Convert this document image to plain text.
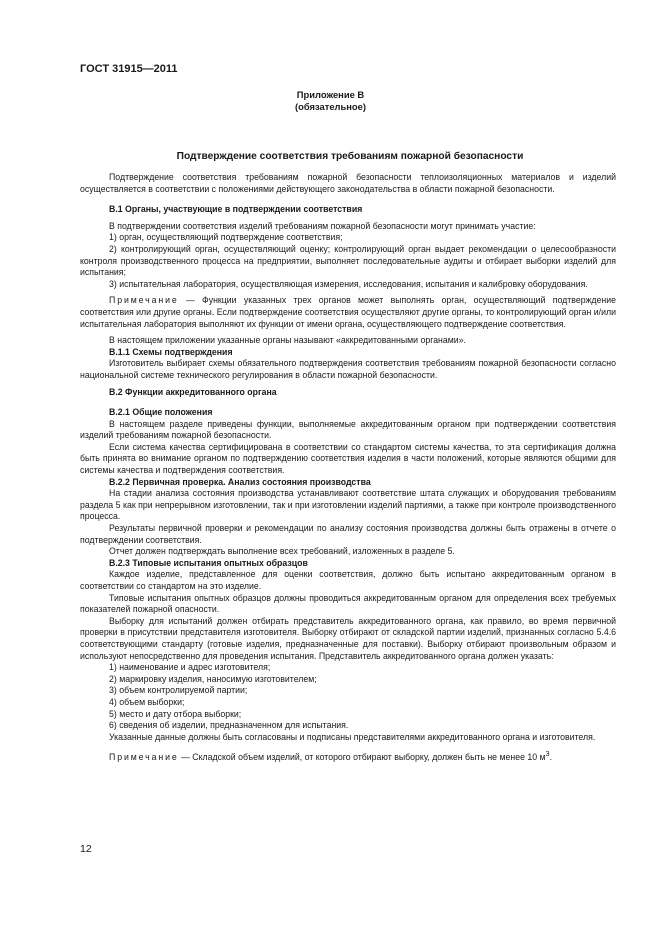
ГОСТ 31915—2011
Приложение В
(обязательное)
Подтверждение соответствия требованиям пожарной безопасности

Подтверждение соответствия требованиям пожарной безопасности теплоизоляционных материалов и изделий осуществляется в соответствии с положениями действующего законодательства в области пожарной безопасности.

В.1 Органы, участвующие в подтверждении соответствия

В подтверждении соответствия изделий требованиям пожарной безопасности могут принимать участие:

1) орган, осуществляющий подтверждение соответствия;

2) контролирующий орган, осуществляющий оценку; контролирующий орган выдает рекомендации о целесообразности контроля производственного процесса на предприятии, выполняет последовательные аудиты и отбирает выборки изделий для испытания;

3) испытательная лаборатория, осуществляющая измерения, исследования, испытания и калибровку оборудования.

Примечание — Функции указанных трех органов может выполнять орган, осуществляющий подтверждение соответствия или другие органы. Если подтверждение соответствия осуществляют другие органы, то контролирующий орган и/или испытательная лаборатория выполняют их функции от имени органа, осуществляющего подтверждение соответствия.

В настоящем приложении указанные органы называют «аккредитованными органами».

В.1.1 Схемы подтверждения

Изготовитель выбирает схемы обязательного подтверждения соответствия требованиям пожарной безопасности согласно национальной системе технического регулирования в области пожарной безопасности.

В.2 Функции аккредитованного органа

В.2.1 Общие положения

В настоящем разделе приведены функции, выполняемые аккредитованным органом при подтверждении соответствия изделий требованиям пожарной безопасности.

Если система качества сертифицирована в соответствии со стандартом системы качества, то эта сертификация должна быть принята во внимание органом по подтверждению соответствия изделия в части положений, которые являются общими для системы качества и подтверждения соответствия.

В.2.2 Первичная проверка. Анализ состояния производства

На стадии анализа состояния производства устанавливают соответствие штата служащих и оборудования требованиям раздела 5 как при непрерывном изготовлении, так и при изготовлении изделий партиями, а также при контроле производственного процесса.

Результаты первичной проверки и рекомендации по анализу состояния производства должны быть отражены в отчете о подтверждении соответствия.

Отчет должен подтверждать выполнение всех требований, изложенных в разделе 5.

В.2.3 Типовые испытания опытных образцов

Каждое изделие, представленное для оценки соответствия, должно быть испытано аккредитованным органом в соответствии со стандартом на это изделие.

Типовые испытания опытных образцов должны проводиться аккредитованным органом для определения всех требуемых показателей пожарной опасности.

Выборку для испытаний должен отбирать представитель аккредитованного органа, как правило, во время первичной проверки в присутствии представителя изготовителя. Выборку отбирают от складской партии изделий, признанных согласно 5.4.6 соответствующими стандарту (готовые изделия, предназначенные для поставки). Выборку отбирают произвольным образом и используют непосредственно для проведения испытания. Представитель аккредитованного органа должен указать:

1) наименование и адрес изготовителя;

2) маркировку изделия, наносимую изготовителем;

3) объем контролируемой партии;

4) объем выборки;

5) место и дату отбора выборки;

6) сведения об изделии, предназначенном для испытания.

Указанные данные должны быть согласованы и подписаны представителями аккредитованного органа и изготовителя.

Примечание — Складской объем изделий, от которого отбирают выборку, должен быть не менее 10 $м^3$.

12
